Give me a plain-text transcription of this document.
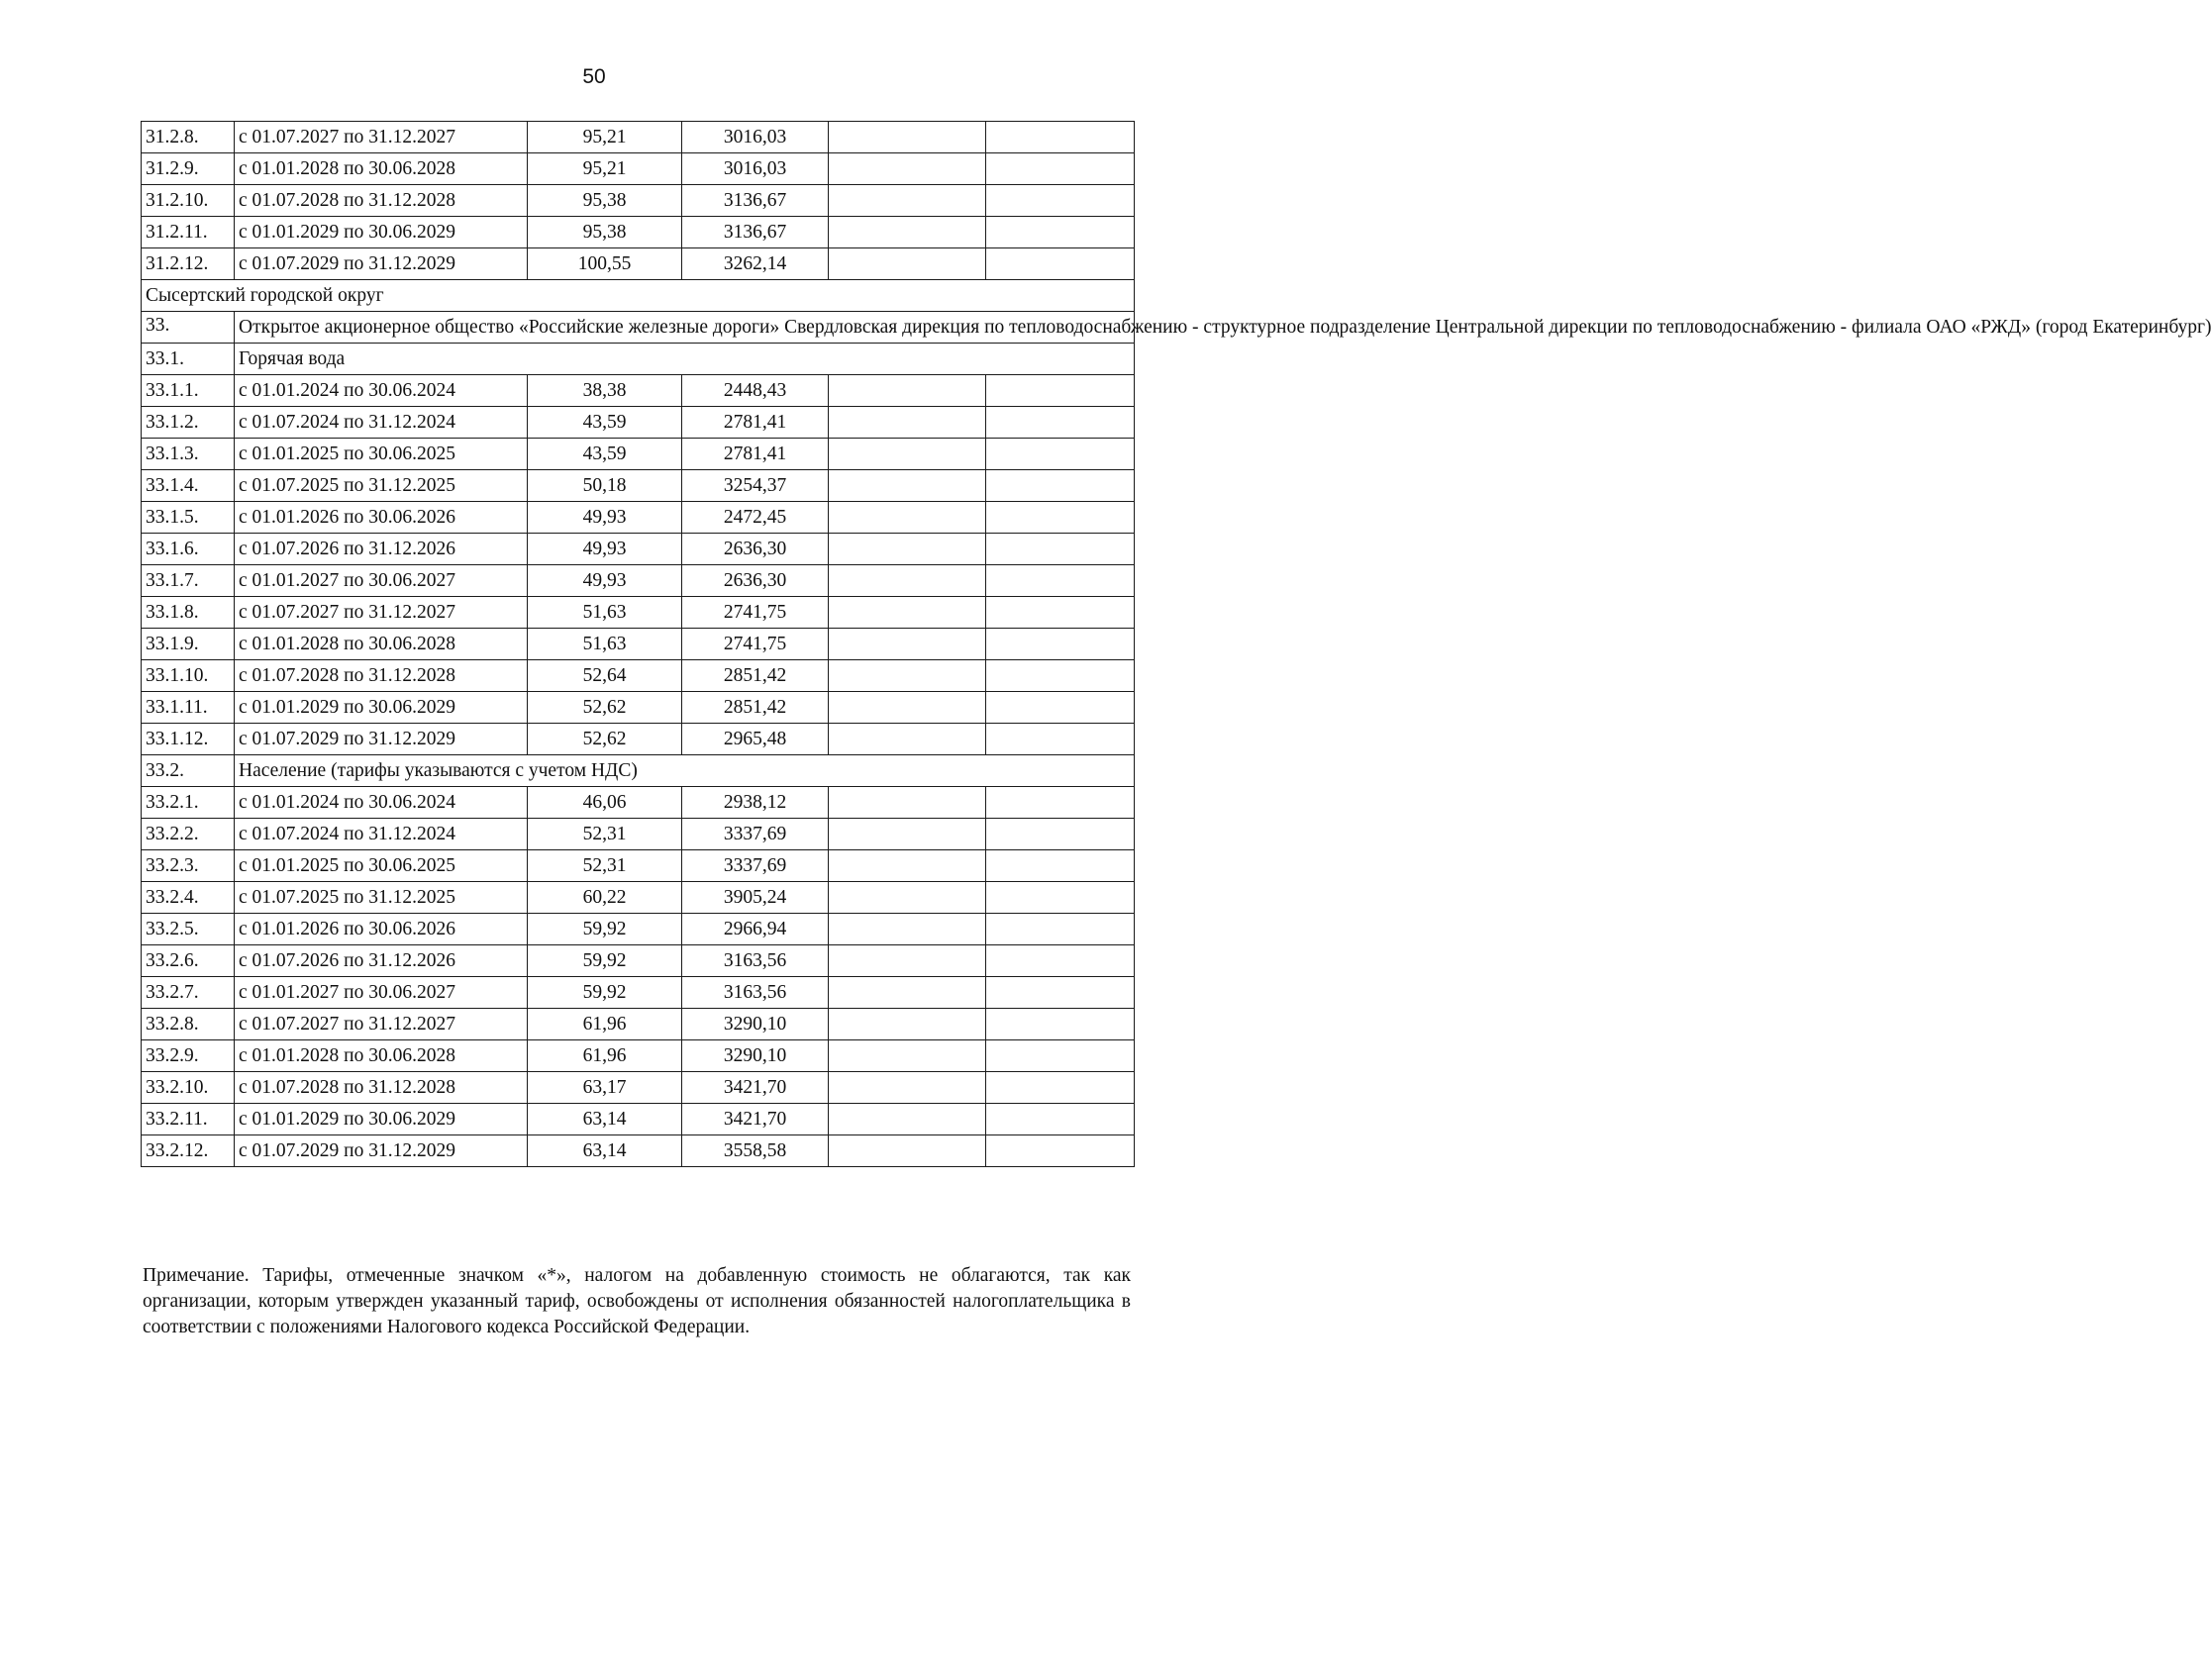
50
31.2.8.	с 01.07.2027 по 31.12.2027	95,21	3016,03		
31.2.9.	с 01.01.2028 по 30.06.2028	95,21	3016,03		
31.2.10.	с 01.07.2028 по 31.12.2028	95,38	3136,67		
31.2.11.	с 01.01.2029 по 30.06.2029	95,38	3136,67		
31.2.12.	с 01.07.2029 по 31.12.2029	100,55	3262,14		
Сысертский городской округ					
33.	Открытое акционерное общество «Российские железные дороги» Свердловская дирекция по тепловодоснабжению - структурное подразделение Центральной дирекции по тепловодоснабжению - филиала ОАО «РЖД» (город Екатеринбург)				
33.1.	Горячая вода				
33.1.1.	с 01.01.2024 по 30.06.2024	38,38	2448,43		
33.1.2.	с 01.07.2024 по 31.12.2024	43,59	2781,41		
33.1.3.	с 01.01.2025 по 30.06.2025	43,59	2781,41		
33.1.4.	с 01.07.2025 по 31.12.2025	50,18	3254,37		
33.1.5.	с 01.01.2026 по 30.06.2026	49,93	2472,45		
33.1.6.	с 01.07.2026 по 31.12.2026	49,93	2636,30		
33.1.7.	с 01.01.2027 по 30.06.2027	49,93	2636,30		
33.1.8.	с 01.07.2027 по 31.12.2027	51,63	2741,75		
33.1.9.	с 01.01.2028 по 30.06.2028	51,63	2741,75		
33.1.10.	с 01.07.2028 по 31.12.2028	52,64	2851,42		
33.1.11.	с 01.01.2029 по 30.06.2029	52,62	2851,42		
33.1.12.	с 01.07.2029 по 31.12.2029	52,62	2965,48		
33.2.	Население (тарифы указываются с учетом НДС)				
33.2.1.	с 01.01.2024 по 30.06.2024	46,06	2938,12		
33.2.2.	с 01.07.2024 по 31.12.2024	52,31	3337,69		
33.2.3.	с 01.01.2025 по 30.06.2025	52,31	3337,69		
33.2.4.	с 01.07.2025 по 31.12.2025	60,22	3905,24		
33.2.5.	с 01.01.2026 по 30.06.2026	59,92	2966,94		
33.2.6.	с 01.07.2026 по 31.12.2026	59,92	3163,56		
33.2.7.	с 01.01.2027 по 30.06.2027	59,92	3163,56		
33.2.8.	с 01.07.2027 по 31.12.2027	61,96	3290,10		
33.2.9.	с 01.01.2028 по 30.06.2028	61,96	3290,10		
33.2.10.	с 01.07.2028 по 31.12.2028	63,17	3421,70		
33.2.11.	с 01.01.2029 по 30.06.2029	63,14	3421,70		
33.2.12.	с 01.07.2029 по 31.12.2029	63,14	3558,58		
Примечание. Тарифы, отмеченные значком «*», налогом на добавленную стоимость не облагаются, так как организации, которым утвержден указанный тариф, освобождены от исполнения обязанностей налогоплательщика в соответствии с положениями Налогового кодекса Российской Федерации.
